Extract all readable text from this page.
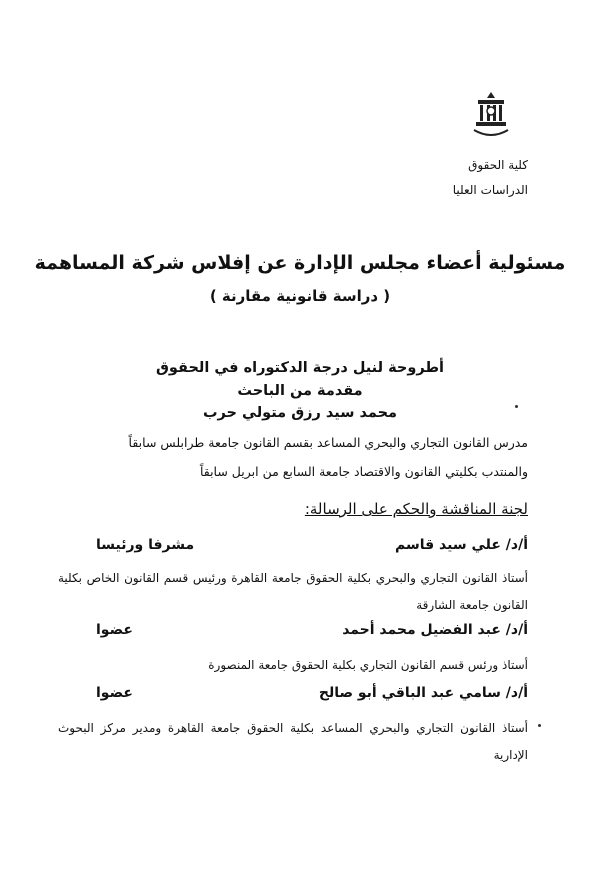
كلية الحقوق
الدراسات العليا
مسئولية أعضاء مجلس الإدارة عن إفلاس شركة المساهمة
( دراسة قانونية مقارنة )
أطروحة لنيل درجة الدكتوراه في الحقوق
مقدمة من الباحث
محمد سيد رزق متولي حرب
مدرس القانون التجاري والبحري المساعد بقسم القانون جامعة طرابلس سابقاً
والمنتدب بكليتي القانون والاقتصاد جامعة السابع من ابريل سابقاً
لجنة المناقشة والحكم على الرسالة:
أ/د/ علي سيد قاسم
مشرفا ورئيسا
أستاذ القانون التجاري والبحري بكلية الحقوق جامعة القاهرة ورئيس قسم القانون الخاص بكلية القانون جامعة الشارقة
أ/د/ عبد الفضيل محمد أحمد
عضوا
أستاذ ورئس قسم القانون التجاري بكلية الحقوق جامعة المنصورة
أ/د/ سامي عبد الباقي أبو صالح
عضوا
أستاذ القانون التجاري والبحري المساعد بكلية الحقوق جامعة القاهرة ومدير مركز البحوث الإدارية
